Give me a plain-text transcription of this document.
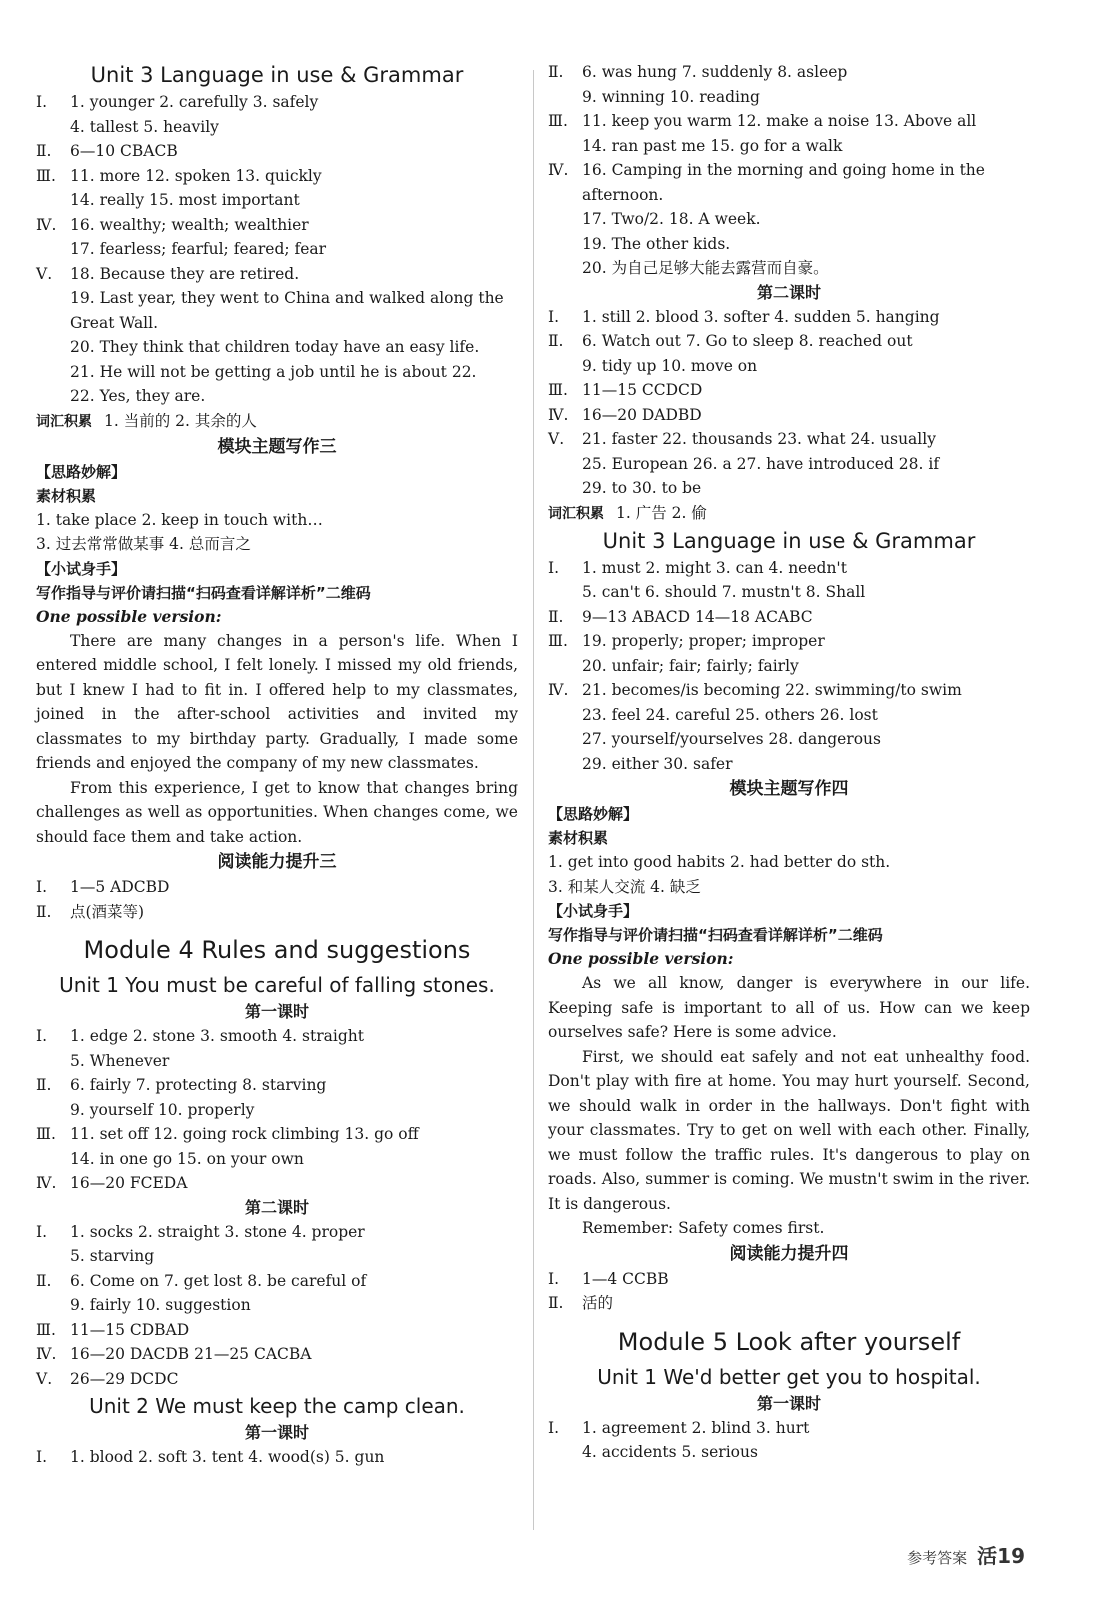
Unit 3 Language in use & Grammar
Ⅰ. 1. younger 2. carefully 3. safely
4. tallest 5. heavily
Ⅱ. 6—10 CBACB
Ⅲ. 11. more 12. spoken 13. quickly
14. really 15. most important
Ⅳ. 16. wealthy; wealth; wealthier
17. fearless; fearful; feared; fear
Ⅴ. 18. Because they are retired.
19. Last year, they went to China and walked along the Great Wall.
20. They think that children today have an easy life.
21. He will not be getting a job until he is about 22.
22. Yes, they are.
词汇积累 1. 当前的 2. 其余的人
模块主题写作三
【思路妙解】
素材积累
1. take place 2. keep in touch with…
3. 过去常常做某事 4. 总而言之
【小试身手】
写作指导与评价请扫描“扫码查看详解详析”二维码
One possible version:

There are many changes in a person's life. When I entered middle school, I felt lonely. I missed my old friends, but I knew I had to fit in. I offered help to my classmates, joined in the after-school activities and invited my classmates to my birthday party. Gradually, I made some friends and enjoyed the company of my new classmates.

From this experience, I get to know that changes bring challenges as well as opportunities. When changes come, we should face them and take action.

阅读能力提升三
Ⅰ. 1—5 ADCBD
Ⅱ. 点(酒菜等)
Module 4 Rules and suggestions
Unit 1 You must be careful of falling stones.
第一课时
Ⅰ. 1. edge 2. stone 3. smooth 4. straight
5. Whenever
Ⅱ. 6. fairly 7. protecting 8. starving
9. yourself 10. properly
Ⅲ. 11. set off 12. going rock climbing 13. go off
14. in one go 15. on your own
Ⅳ. 16—20 FCEDA
第二课时
Ⅰ. 1. socks 2. straight 3. stone 4. proper
5. starving
Ⅱ. 6. Come on 7. get lost 8. be careful of
9. fairly 10. suggestion
Ⅲ. 11—15 CDBAD
Ⅳ. 16—20 DACDB 21—25 CACBA
Ⅴ. 26—29 DCDC
Unit 2 We must keep the camp clean.
第一课时
Ⅰ. 1. blood 2. soft 3. tent 4. wood(s) 5. gun
Ⅱ. 6. was hung 7. suddenly 8. asleep
9. winning 10. reading
Ⅲ. 11. keep you warm 12. make a noise 13. Above all
14. ran past me 15. go for a walk
Ⅳ. 16. Camping in the morning and going home in the afternoon.
17. Two/2. 18. A week.
19. The other kids.
20. 为自己足够大能去露营而自豪。
第二课时
Ⅰ. 1. still 2. blood 3. softer 4. sudden 5. hanging
Ⅱ. 6. Watch out 7. Go to sleep 8. reached out
9. tidy up 10. move on
Ⅲ. 11—15 CCDCD
Ⅳ. 16—20 DADBD
Ⅴ. 21. faster 22. thousands 23. what 24. usually
25. European 26. a 27. have introduced 28. if
29. to 30. to be
词汇积累 1. 广告 2. 偷
Unit 3 Language in use & Grammar
Ⅰ. 1. must 2. might 3. can 4. needn't
5. can't 6. should 7. mustn't 8. Shall
Ⅱ. 9—13 ABACD 14—18 ACABC
Ⅲ. 19. properly; proper; improper
20. unfair; fair; fairly; fairly
Ⅳ. 21. becomes/is becoming 22. swimming/to swim
23. feel 24. careful 25. others 26. lost
27. yourself/yourselves 28. dangerous
29. either 30. safer
模块主题写作四
【思路妙解】
素材积累
1. get into good habits 2. had better do sth.
3. 和某人交流 4. 缺乏
【小试身手】
写作指导与评价请扫描“扫码查看详解详析”二维码
One possible version:

As we all know, danger is everywhere in our life. Keeping safe is important to all of us. How can we keep ourselves safe? Here is some advice.

First, we should eat safely and not eat unhealthy food. Don't play with fire at home. You may hurt yourself. Second, we should walk in order in the hallways. Don't fight with your classmates. Try to get on well with each other. Finally, we must follow the traffic rules. It's dangerous to play on roads. Also, summer is coming. We mustn't swim in the river. It is dangerous.

Remember: Safety comes first.

阅读能力提升四
Ⅰ. 1—4 CCBB
Ⅱ. 活的
Module 5 Look after yourself
Unit 1 We'd better get you to hospital.
第一课时
Ⅰ. 1. agreement 2. blind 3. hurt
4. accidents 5. serious
参考答案 活19
